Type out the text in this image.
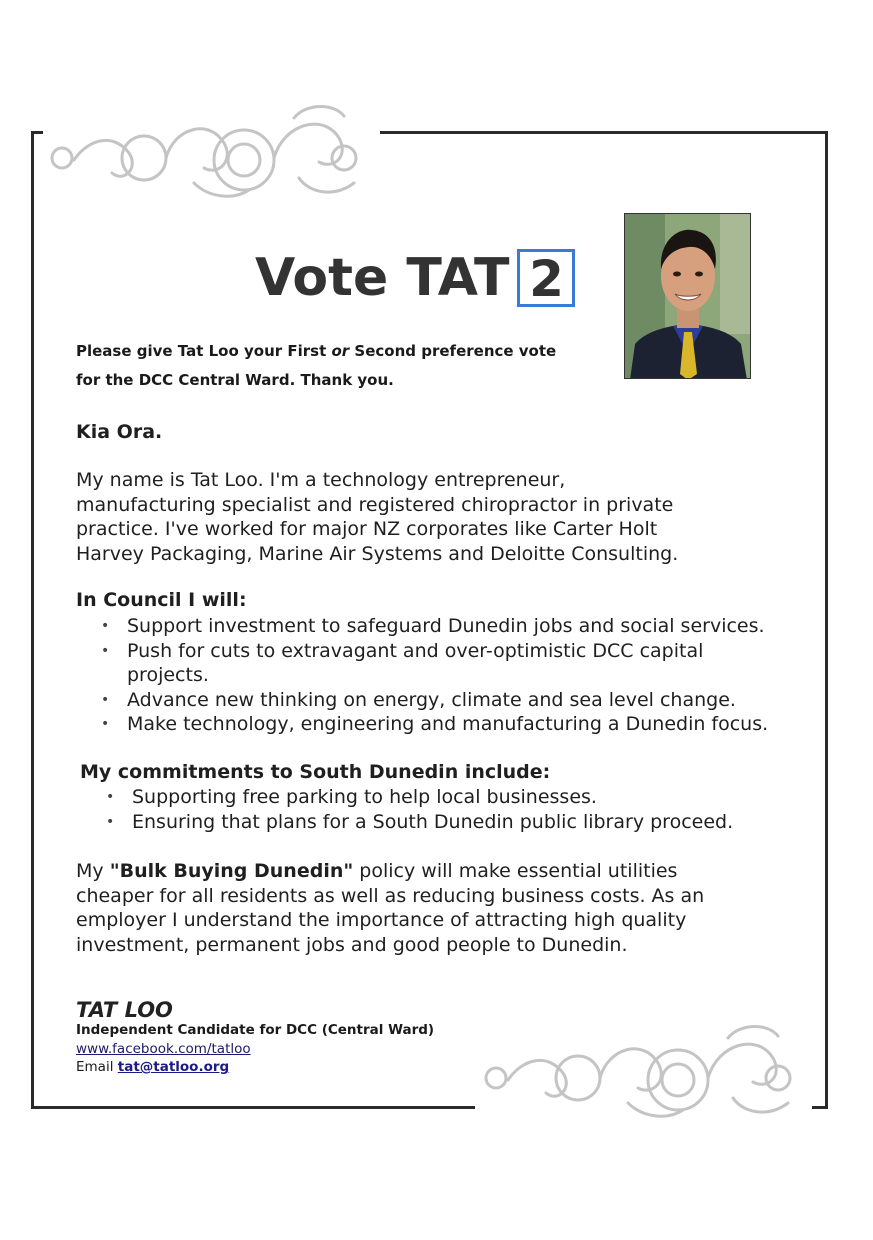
Vote TAT 2
Please give Tat Loo your First or Second preference vote
for the DCC Central Ward. Thank you.
Kia Ora.
My name is Tat Loo. I'm a technology entrepreneur,
manufacturing specialist and registered chiropractor in private
practice. I've worked for major NZ corporates like Carter Holt
Harvey Packaging, Marine Air Systems and Deloitte Consulting.
In Council I will:
• Support investment to safeguard Dunedin jobs and social services.
• Push for cuts to extravagant and over-optimistic DCC capital projects.
• Advance new thinking on energy, climate and sea level change.
• Make technology, engineering and manufacturing a Dunedin focus.
My commitments to South Dunedin include:
• Supporting free parking to help local businesses.
• Ensuring that plans for a South Dunedin public library proceed.
My "Bulk Buying Dunedin" policy will make essential utilities
cheaper for all residents as well as reducing business costs. As an
employer I understand the importance of attracting high quality
investment, permanent jobs and good people to Dunedin.
TAT LOO
Independent Candidate for DCC (Central Ward)
www.facebook.com/tatloo
Email tat@tatloo.org
